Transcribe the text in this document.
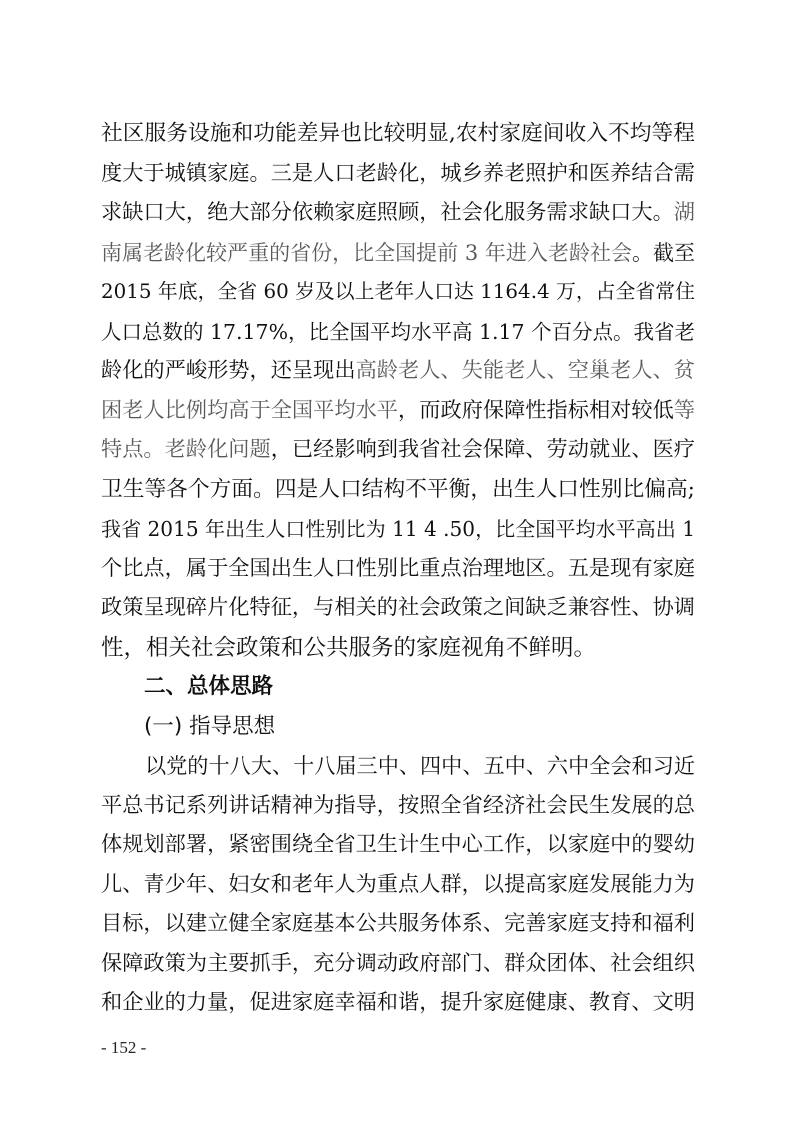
社区服务设施和功能差异也比较明显,农村家庭间收入不均等程
度大于城镇家庭。三是人口老龄化，城乡养老照护和医养结合需
求缺口大，绝大部分依赖家庭照顾，社会化服务需求缺口大。湖
南属老龄化较严重的省份，比全国提前 3 年进入老龄社会。截至
2015 年底，全省 60 岁及以上老年人口达 1164.4 万，占全省常住
人口总数的 17.17%，比全国平均水平高 1.17 个百分点。我省老
龄化的严峻形势，还呈现出高龄老人、失能老人、空巢老人、贫
困老人比例均高于全国平均水平，而政府保障性指标相对较低等
特点。老龄化问题，已经影响到我省社会保障、劳动就业、医疗
卫生等各个方面。四是人口结构不平衡，出生人口性别比偏高;
我省 2015 年出生人口性别比为 11 4 .50，比全国平均水平高出 1
个比点，属于全国出生人口性别比重点治理地区。五是现有家庭
政策呈现碎片化特征，与相关的社会政策之间缺乏兼容性、协调
性，相关社会政策和公共服务的家庭视角不鲜明。
二、总体思路
(一) 指导思想
以党的十八大、十八届三中、四中、五中、六中全会和习近
平总书记系列讲话精神为指导，按照全省经济社会民生发展的总
体规划部署，紧密围绕全省卫生计生中心工作，以家庭中的婴幼
儿、青少年、妇女和老年人为重点人群，以提高家庭发展能力为
目标，以建立健全家庭基本公共服务体系、完善家庭支持和福利
保障政策为主要抓手，充分调动政府部门、群众团体、社会组织
和企业的力量，促进家庭幸福和谐，提升家庭健康、教育、文明
- 152 -
